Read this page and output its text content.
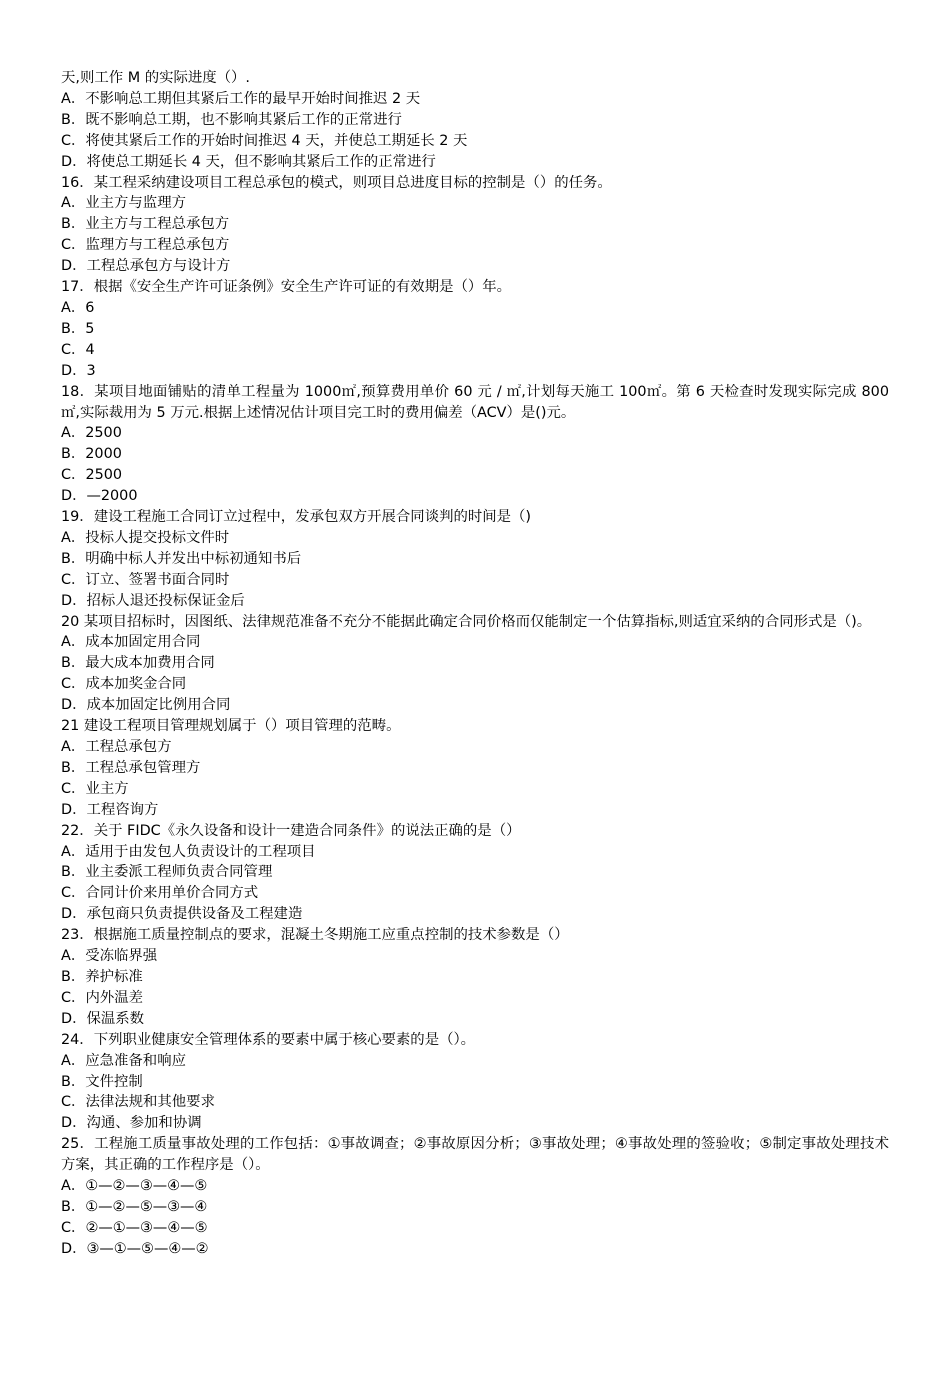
天,则工作 M 的实际进度（）.
A．不影响总工期但其紧后工作的最早开始时间推迟 2 天
B．既不影响总工期，也不影响其紧后工作的正常进行
C．将使其紧后工作的开始时间推迟 4 天，并使总工期延长 2 天
D．将使总工期延长 4 天，但不影响其紧后工作的正常进行
16．某工程采纳建设项目工程总承包的模式，则项目总进度目标的控制是（）的任务。
A．业主方与监理方
B．业主方与工程总承包方
C．监理方与工程总承包方
D．工程总承包方与设计方
17．根据《安全生产许可证条例》安全生产许可证的有效期是（）年。
A．6
B．5
C．4
D．3
18．某项目地面铺贴的清单工程量为 1000㎡,预算费用单价 60 元 / ㎡,计划每天施工 100㎡。第 6 天检查时发现实际完成 800㎡,实际裁用为 5 万元.根据上述情况估计项目完工时的费用偏差（ACV）是()元。
A．2500
B．2000
C．2500
D．—2000
19．建设工程施工合同订立过程中，发承包双方开展合同谈判的时间是（)
A．投标人提交投标文件时
B．明确中标人并发出中标初通知书后
C．订立、签署书面合同时
D．招标人退还投标保证金后
20 某项目招标时，因图纸、法律规范准备不充分不能据此确定合同价格而仅能制定一个估算指标,则适宜采纳的合同形式是（)。
A．成本加固定用合同
B．最大成本加费用合同
C．成本加奖金合同
D．成本加固定比例用合同
21 建设工程项目管理规划属于（）项目管理的范畴。
A．工程总承包方
B．工程总承包管理方
C．业主方
D．工程咨询方
22．关于 FIDC《永久设备和设计一建造合同条件》的说法正确的是（）
A．适用于由发包人负责设计的工程项目
B．业主委派工程师负责合同管理
C．合同计价来用单价合同方式
D．承包商只负责提供设备及工程建造
23．根据施工质量控制点的要求，混凝土冬期施工应重点控制的技术参数是（）
A．受冻临界强
B．养护标准
C．内外温差
D．保温系数
24．下列职业健康安全管理体系的要素中属于核心要素的是（）。
A．应急准备和响应
B．文件控制
C．法律法规和其他要求
D．沟通、参加和协调
25．工程施工质量事故处理的工作包括：①事故调查；②事故原因分析；③事故处理；④事故处理的签验收；⑤制定事故处理技术方案，其正确的工作程序是（）。
A．①—②—③—④—⑤
B．①—②—⑤—③—④
C．②—①—③—④—⑤
D．③—①—⑤—④—②
